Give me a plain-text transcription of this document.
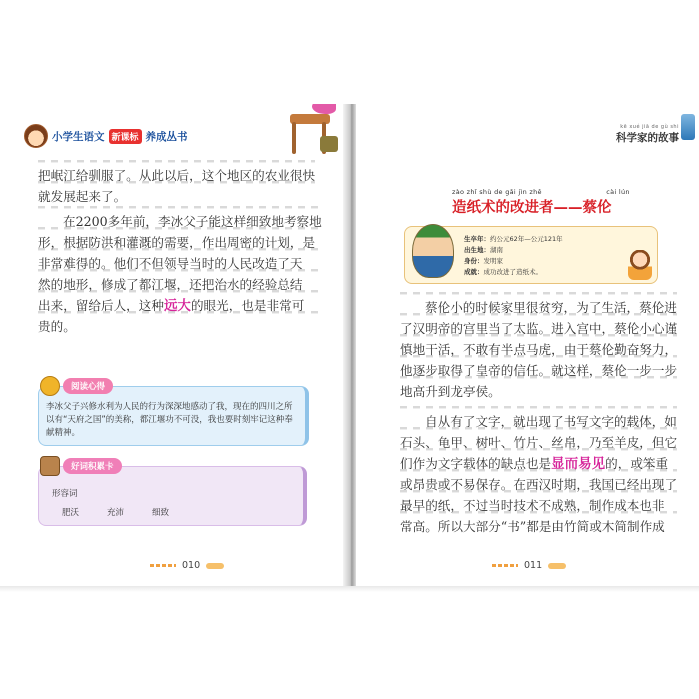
小学生语文 新课标 养成丛书
把岷江给驯服了。从此以后，这个地区的农业很快
就发展起来了。
在2200多年前，李冰父子能这样细致地考察地
形，根据防洪和灌溉的需要，作出周密的计划，是
非常难得的。他们不但领导当时的人民改造了天
然的地形，修成了都江堰，还把治水的经验总结
出来，留给后人，这种远大的眼光，也是非常可
贵的。
阅读心得
李冰父子兴修水利为人民的行为深深地感动了我，现在的四川之所以有“天府之国”的美称，都江堰功不可没，我也要时刻牢记这种奉献精神。
好词积累卡
形容词
肥沃	充沛	细致
010
kē xué jiā de gù shi
科学家的故事
zào zhǐ shù de gǎi jìn zhě	cài lún
造纸术的改进者——蔡伦
生卒年：约公元62年—公元121年
出生地：湖南
身份：发明家
成就：成功改进了造纸术。
蔡伦小的时候家里很贫穷，为了生活，蔡伦进
了汉明帝的宫里当了太监。进入宫中，蔡伦小心谨
慎地干活，不敢有半点马虎，由于蔡伦勤奋努力，
他逐步取得了皇帝的信任。就这样，蔡伦一步一步
地高升到龙亭侯。
自从有了文字，就出现了书写文字的载体，如
石头、龟甲、树叶、竹片、丝帛，乃至羊皮，但它
们作为文字载体的缺点也是显而易见的，或笨重
或昂贵或不易保存。在西汉时期，我国已经出现了
最早的纸，不过当时技术不成熟，制作成本也非
常高。所以大部分“书”都是由竹简或木简制作成
011
